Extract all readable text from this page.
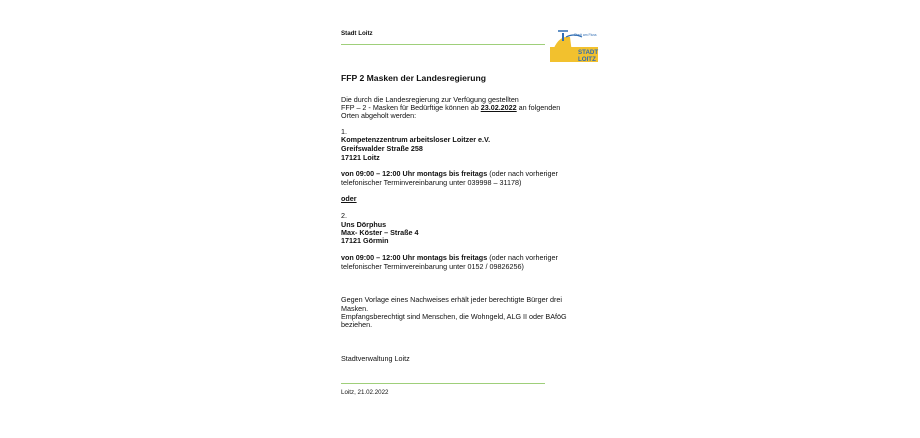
Stadt Loitz	Stadt am Fluss
STADT
LOITZ
FFP 2 Masken der Landesregierung
Die durch die Landesregierung zur Verfügung gestellten
FFP – 2 - Masken für Bedürftige können ab 23.02.2022 an folgenden
Orten abgeholt werden:
1.
Kompetenzzentrum arbeitsloser Loitzer e.V.
Greifswalder Straße 258
17121 Loitz
von 09:00 – 12:00 Uhr montags bis freitags (oder nach vorheriger
telefonischer Terminvereinbarung unter 039998 – 31178)
oder
2.
Uns Dörphus
Max- Köster – Straße 4
17121 Görmin
von 09:00 – 12:00 Uhr montags bis freitags (oder nach vorheriger
telefonischer Terminvereinbarung unter 0152 / 09826256)
Gegen Vorlage eines Nachweises erhält jeder berechtigte Bürger drei
Masken.
Empfangsberechtigt sind Menschen, die Wohngeld, ALG II oder BAföG
beziehen.
Stadtverwaltung Loitz
Loitz, 21.02.2022
